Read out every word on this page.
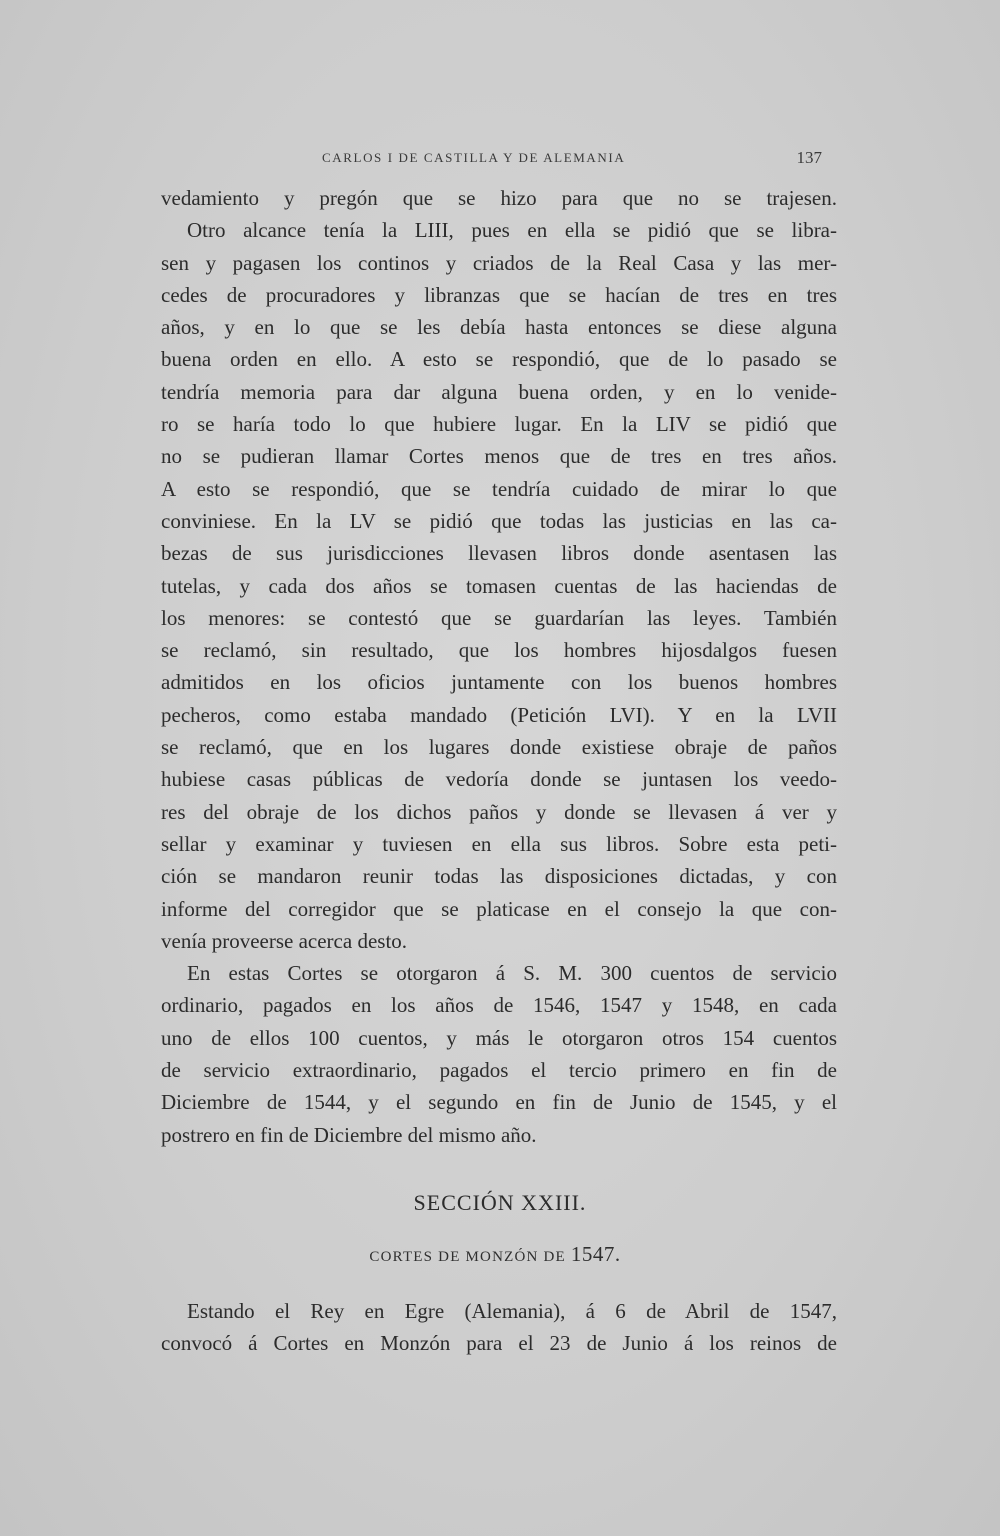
CARLOS I DE CASTILLA Y DE ALEMANIA	137
vedamiento y pregón que se hizo para que no se trajesen.
Otro alcance tenía la LIII, pues en ella se pidió que se libra-
sen y pagasen los continos y criados de la Real Casa y las mer-
cedes de procuradores y libranzas que se hacían de tres en tres
años, y en lo que se les debía hasta entonces se diese alguna
buena orden en ello. A esto se respondió, que de lo pasado se
tendría memoria para dar alguna buena orden, y en lo venide-
ro se haría todo lo que hubiere lugar. En la LIV se pidió que
no se pudieran llamar Cortes menos que de tres en tres años.
A esto se respondió, que se tendría cuidado de mirar lo que
conviniese. En la LV se pidió que todas las justicias en las ca-
bezas de sus jurisdicciones llevasen libros donde asentasen las
tutelas, y cada dos años se tomasen cuentas de las haciendas de
los menores: se contestó que se guardarían las leyes. También
se reclamó, sin resultado, que los hombres hijosdalgos fuesen
admitidos en los oficios juntamente con los buenos hombres
pecheros, como estaba mandado (Petición LVI). Y en la LVII
se reclamó, que en los lugares donde existiese obraje de paños
hubiese casas públicas de vedoría donde se juntasen los veedo-
res del obraje de los dichos paños y donde se llevasen á ver y
sellar y examinar y tuviesen en ella sus libros. Sobre esta peti-
ción se mandaron reunir todas las disposiciones dictadas, y con
informe del corregidor que se platicase en el consejo la que con-
venía proveerse acerca desto.
En estas Cortes se otorgaron á S. M. 300 cuentos de servicio
ordinario, pagados en los años de 1546, 1547 y 1548, en cada
uno de ellos 100 cuentos, y más le otorgaron otros 154 cuentos
de servicio extraordinario, pagados el tercio primero en fin de
Diciembre de 1544, y el segundo en fin de Junio de 1545, y el
postrero en fin de Diciembre del mismo año.
SECCIÓN XXIII.
CORTES DE MONZÓN DE 1547.
Estando el Rey en Egre (Alemania), á 6 de Abril de 1547,
convocó á Cortes en Monzón para el 23 de Junio á los reinos de
